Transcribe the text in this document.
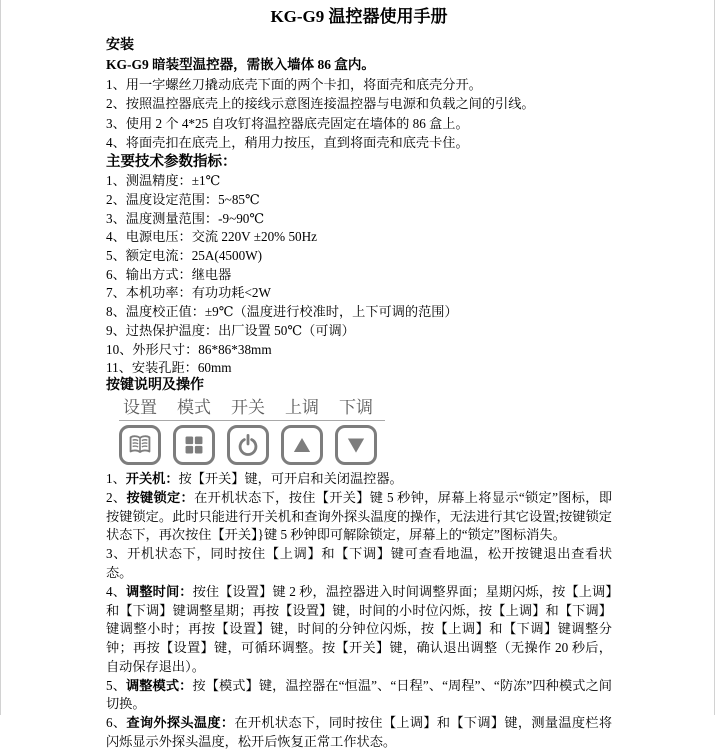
KG-G9 温控器使用手册
安装
KG-G9 暗装型温控器，需嵌入墙体 86 盒内。
1、用一字螺丝刀撬动底壳下面的两个卡扣，将面壳和底壳分开。
2、按照温控器底壳上的接线示意图连接温控器与电源和负载之间的引线。
3、使用 2 个 4*25 自攻钉将温控器底壳固定在墙体的 86 盒上。
4、将面壳扣在底壳上，稍用力按压，直到将面壳和底壳卡住。
主要技术参数指标：
1、测温精度：±1℃
2、温度设定范围：5~85℃
3、温度测量范围：-9~90℃
4、电源电压：交流 220V ±20% 50Hz
5、额定电流：25A(4500W)
6、输出方式：继电器
7、本机功率：有功功耗<2W
8、温度校正值：±9℃（温度进行校准时，上下可调的范围）
9、过热保护温度：出厂设置 50℃（可调）
10、外形尺寸：86*86*38mm
11、安装孔距：60mm
按键说明及操作
设置 模式 开关 上调 下调

1、开关机：按【开关】键，可开启和关闭温控器。

2、按键锁定：在开机状态下，按住【开关】键 5 秒钟，屏幕上将显示“锁定”图标，即按键锁定。此时只能进行开关机和查询外探头温度的操作，无法进行其它设置;按键锁定 状态下，再次按住【开关】}键 5 秒钟即可解除锁定，屏幕上的“锁定”图标消失。

3、开机状态下，同时按住【上调】和【下调】键可查看地温，松开按键退出查看状态。

4、调整时间：按住【设置】键 2 秒，温控器进入时间调整界面；星期闪烁，按【上调】和【下调】键调整星期；再按【设置】键，时间的小时位闪烁，按【上调】和【下调】键调整小时；再按【设置】键，时间的分钟位闪烁，按【上调】和【下调】键调整分钟；再按【设置】键，可循环调整。按【开关】键，确认退出调整（无操作 20 秒后，自动保存退出）。

5、调整模式：按【模式】键，温控器在“恒温”、“日程”、“周程”、“防冻”四种模式之间切换。

6、查询外探头温度：在开机状态下，同时按住【上调】和【下调】键，测量温度栏将闪烁显示外探头温度，松开后恢复正常工作状态。
